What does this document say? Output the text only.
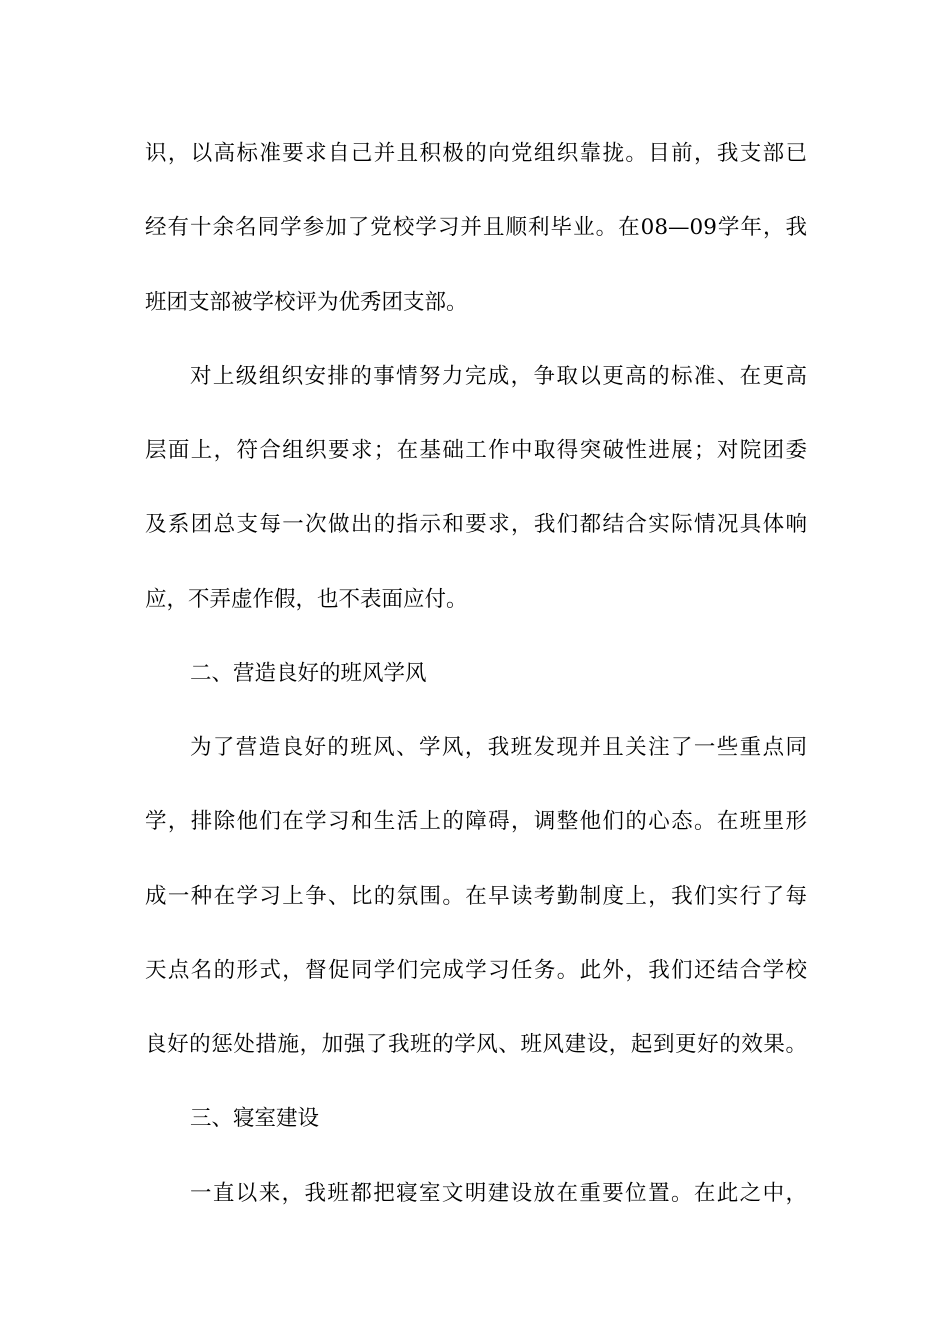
识，以高标准要求自己并且积极的向党组织靠拢。目前，我支部已
经有十余名同学参加了党校学习并且顺利毕业。在08—09学年，我
班团支部被学校评为优秀团支部。
对上级组织安排的事情努力完成，争取以更高的标准、在更高
层面上，符合组织要求；在基础工作中取得突破性进展；对院团委
及系团总支每一次做出的指示和要求，我们都结合实际情况具体响
应，不弄虚作假，也不表面应付。
二、营造良好的班风学风
为了营造良好的班风、学风，我班发现并且关注了一些重点同
学，排除他们在学习和生活上的障碍，调整他们的心态。在班里形
成一种在学习上争、比的氛围。在早读考勤制度上，我们实行了每
天点名的形式，督促同学们完成学习任务。此外，我们还结合学校
良好的惩处措施，加强了我班的学风、班风建设，起到更好的效果。
三、寝室建设
一直以来，我班都把寝室文明建设放在重要位置。在此之中，
